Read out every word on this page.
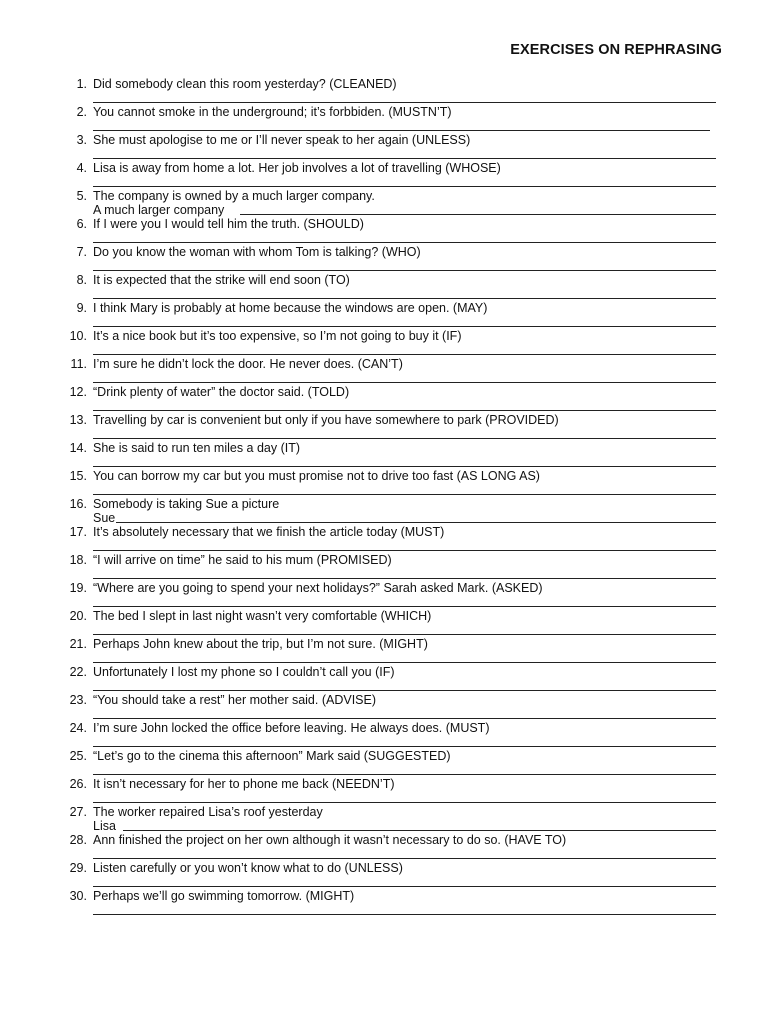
EXERCISES ON REPHRASING
1. Did somebody clean this room yesterday? (CLEANED)
2. You cannot smoke in the underground; it’s forbbiden. (MUSTN’T)
3. She must apologise to me or I’ll never speak to her again (UNLESS)
4. Lisa is away from home a lot. Her job involves a lot of travelling (WHOSE)
5. The company is owned by a much larger company.
A much larger company
6. If I were you I would tell him the truth. (SHOULD)
7. Do you know the woman with whom Tom is talking? (WHO)
8. It is expected that the strike will end soon (TO)
9. I think Mary is probably at home because the windows are open. (MAY)
10. It’s a nice book but it’s too expensive, so I’m not going to buy it (IF)
11. I’m sure he didn’t lock the door. He never does. (CAN’T)
12. “Drink plenty of water” the doctor said. (TOLD)
13. Travelling by car is convenient but only if you have somewhere to park (PROVIDED)
14. She is said to run ten miles a day (IT)
15. You can borrow my car but you must promise not to drive too fast (AS LONG AS)
16. Somebody is taking Sue a picture
Sue
17. It’s absolutely necessary that we finish the article today (MUST)
18. “I will arrive on time” he said to his mum (PROMISED)
19. “Where are you going to spend your next holidays?” Sarah asked Mark. (ASKED)
20. The bed I slept in last night wasn’t very comfortable (WHICH)
21. Perhaps John knew about the trip, but I’m not sure. (MIGHT)
22. Unfortunately I lost my phone so I couldn’t call you (IF)
23. “You should take a rest” her mother said. (ADVISE)
24. I’m sure John locked the office before leaving. He always does. (MUST)
25. “Let’s go to the cinema this afternoon” Mark said (SUGGESTED)
26. It isn’t necessary for her to phone me back (NEEDN’T)
27. The worker repaired Lisa’s roof yesterday
Lisa
28. Ann finished the project on her own although it wasn’t necessary to do so. (HAVE TO)
29. Listen carefully or you won’t know what to do (UNLESS)
30. Perhaps we’ll go swimming tomorrow. (MIGHT)
